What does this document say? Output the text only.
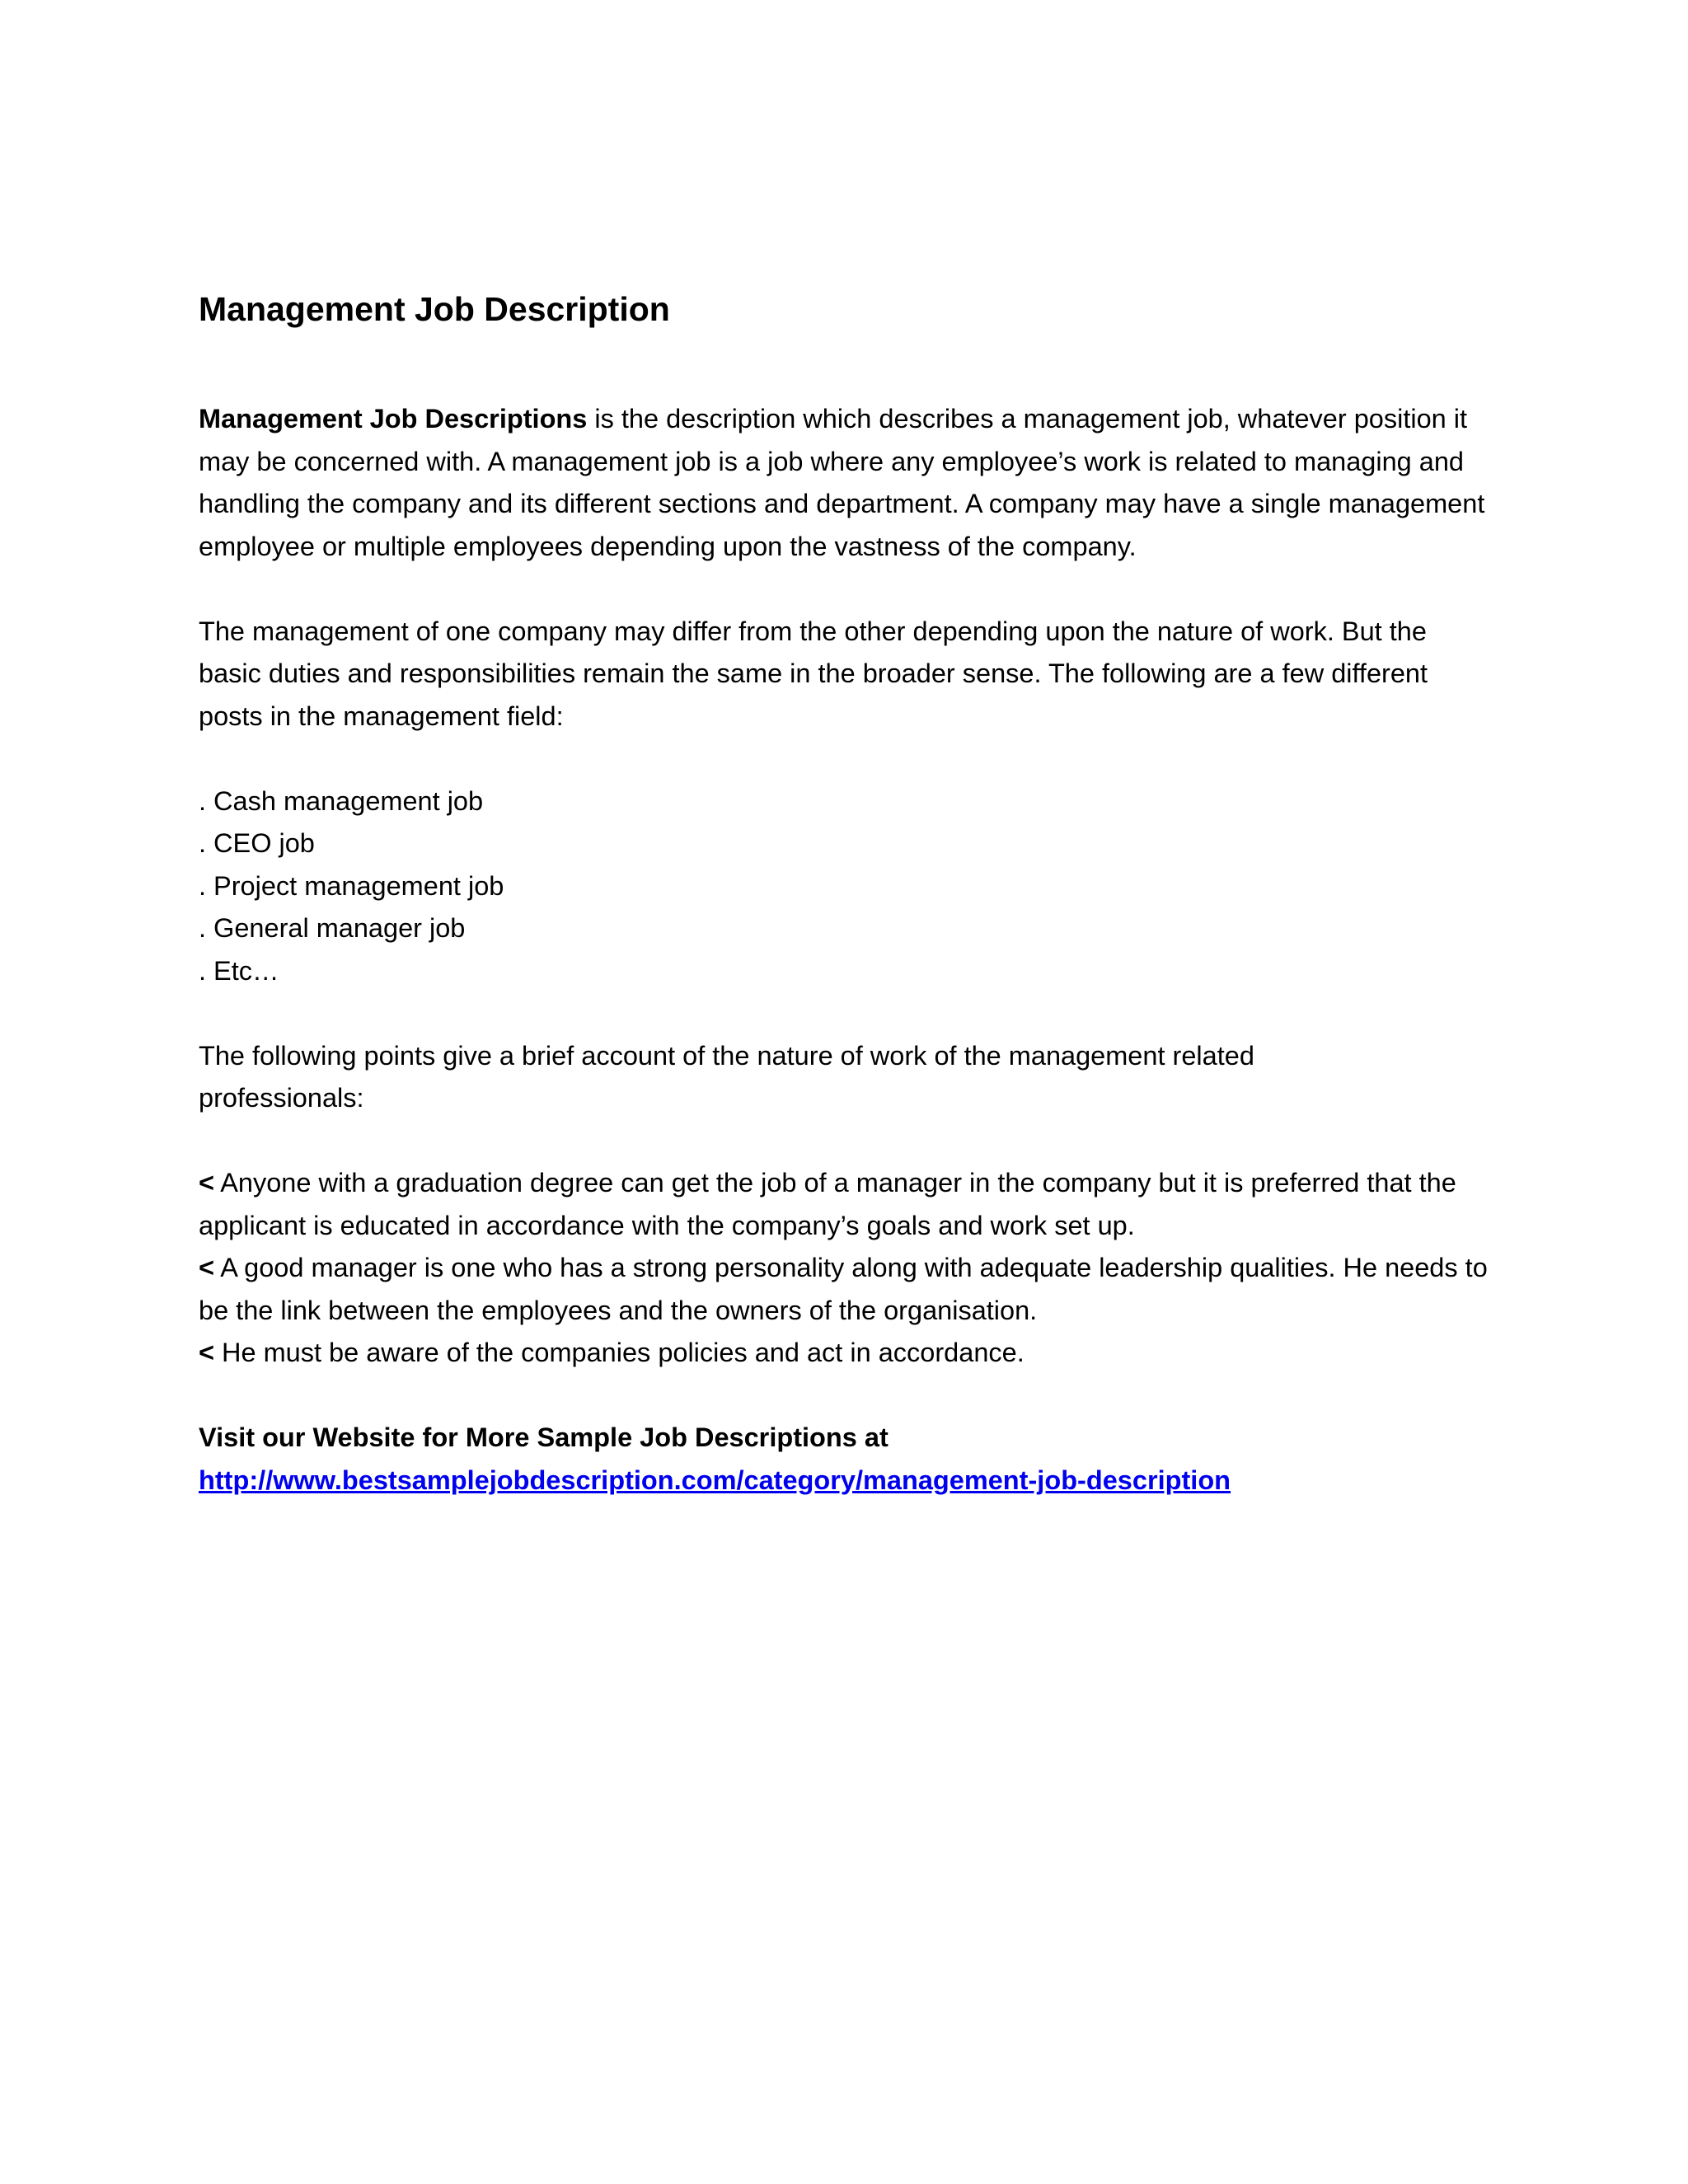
Management Job Description

Management Job Descriptions is the description which describes a management job, whatever position it may be concerned with. A management job is a job where any employee’s work is related to managing and handling the company and its different sections and department. A company may have a single management employee or multiple employees depending upon the vastness of the company.

The management of one company may differ from the other depending upon the nature of work. But the basic duties and responsibilities remain the same in the broader sense. The following are a few different posts in the management field:

. Cash management job
. CEO job
. Project management job
. General manager job
. Etc…

The following points give a brief account of the nature of work of the management related professionals:

< Anyone with a graduation degree can get the job of a manager in the company but it is preferred that the applicant is educated in accordance with the company’s goals and work set up.

< A good manager is one who has a strong personality along with adequate leadership qualities. He needs to be the link between the employees and the owners of the organisation.

< He must be aware of the companies policies and act in accordance.

Visit our Website for More Sample Job Descriptions at
http://www.bestsamplejobdescription.com/category/management-job-description
